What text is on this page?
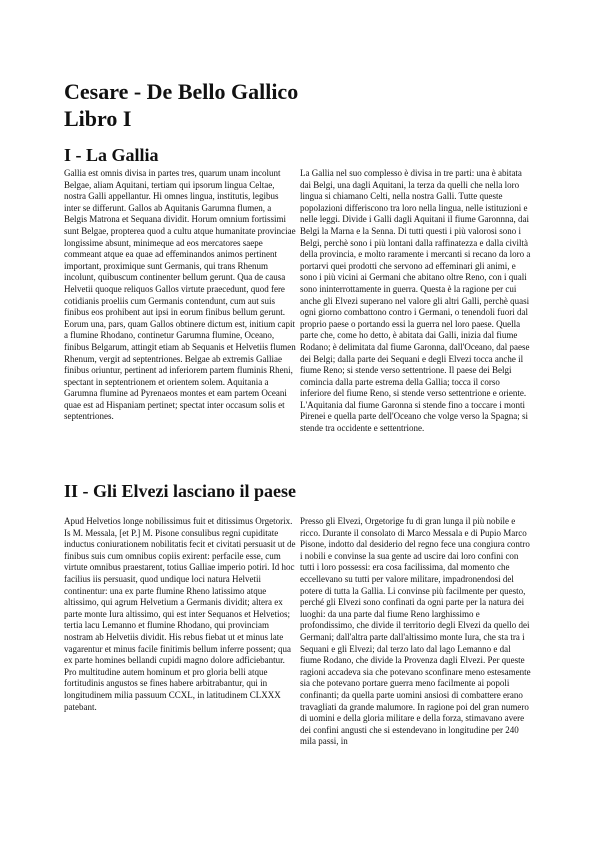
Cesare - De Bello Gallico
Libro I
I - La Gallia

Gallia est omnis divisa in partes tres, quarum unam incolunt Belgae, aliam Aquitani, tertiam qui ipsorum lingua Celtae, nostra Galli appellantur. Hi omnes lingua, institutis, legibus inter se differunt. Gallos ab Aquitanis Garumna flumen, a Belgis Matrona et Sequana dividit. Horum omnium fortissimi sunt Belgae, propterea quod a cultu atque humanitate provinciae longissime absunt, minimeque ad eos mercatores saepe commeant atque ea quae ad effeminandos animos pertinent important, proximique sunt Germanis, qui trans Rhenum incolunt, quibuscum continenter bellum gerunt. Qua de causa Helvetii quoque reliquos Gallos virtute praecedunt, quod fere cotidianis proeliis cum Germanis contendunt, cum aut suis finibus eos prohibent aut ipsi in eorum finibus bellum gerunt. Eorum una, pars, quam Gallos obtinere dictum est, initium capit a flumine Rhodano, continetur Garumna flumine, Oceano, finibus Belgarum, attingit etiam ab Sequanis et Helvetiis flumen Rhenum, vergit ad septentriones. Belgae ab extremis Galliae finibus oriuntur, pertinent ad inferiorem partem fluminis Rheni, spectant in septentrionem et orientem solem. Aquitania a Garumna flumine ad Pyrenaeos montes et eam partem Oceani quae est ad Hispaniam pertinet; spectat inter occasum solis et septentriones.

La Gallia nel suo complesso è divisa in tre parti: una è abitata dai Belgi, una dagli Aquitani, la terza da quelli che nella loro lingua si chiamano Celti, nella nostra Galli. Tutte queste popolazioni differiscono tra loro nella lingua, nelle istituzioni e nelle leggi. Divide i Galli dagli Aquitani il fiume Garonnna, dai Belgi la Marna e la Senna. Di tutti questi i più valorosi sono i Belgi, perchè sono i più lontani dalla raffinatezza e dalla civiltà della provincia, e molto raramente i mercanti si recano da loro a portarvi quei prodotti che servono ad effeminari gli animi, e sono i più vicini ai Germani che abitano oltre Reno, con i quali sono ininterrottamente in guerra. Questa è la ragione per cui anche gli Elvezi superano nel valore gli altri Galli, perchè quasi ogni giorno combattono contro i Germani, o tenendoli fuori dal proprio paese o portando essi la guerra nel loro paese. Quella parte che, come ho detto, è abitata dai Galli, inizia dal fiume Rodano; è delimitata dal fiume Garonna, dall'Oceano, dal paese dei Belgi; dalla parte dei Sequani e degli Elvezi tocca anche il fiume Reno; si stende verso settentrione. Il paese dei Belgi comincia dalla parte estrema della Gallia; tocca il corso inferiore del fiume Reno, si stende verso settentrione e oriente. L'Aquitania dal fiume Garonna si stende fino a toccare i monti Pirenei e quella parte dell'Oceano che volge verso la Spagna; si stende tra occidente e settentrione.

II - Gli Elvezi lasciano il paese

Apud Helvetios longe nobilissimus fuit et ditissimus Orgetorix. Is M. Messala, [et P.] M. Pisone consulibus regni cupiditate inductus coniurationem nobilitatis fecit et civitati persuasit ut de finibus suis cum omnibus copiis exirent: perfacile esse, cum virtute omnibus praestarent, totius Galliae imperio potiri. Id hoc facilius iis persuasit, quod undique loci natura Helvetii continentur: una ex parte flumine Rheno latissimo atque altissimo, qui agrum Helvetium a Germanis dividit; altera ex parte monte Iura altissimo, qui est inter Sequanos et Helvetios; tertia lacu Lemanno et flumine Rhodano, qui provinciam nostram ab Helvetiis dividit. His rebus fiebat ut et minus late vagarentur et minus facile finitimis bellum inferre possent; qua ex parte homines bellandi cupidi magno dolore adficiebantur. Pro multitudine autem hominum et pro gloria belli atque fortitudinis angustos se fines habere arbitrabantur, qui in longitudinem milia passuum CCXL, in latitudinem CLXXX patebant.

Presso gli Elvezi, Orgetorige fu di gran lunga il più nobile e ricco. Durante il consolato di Marco Messala e di Pupio Marco Pisone, indotto dal desiderio del regno fece una congiura contro i nobili e convinse la sua gente ad uscire dai loro confini con tutti i loro possessi: era cosa facilissima, dal momento che eccellevano su tutti per valore militare, impadronendosi del potere di tutta la Gallia. Li convinse più facilmente per questo, perché gli Elvezi sono confinati da ogni parte per la natura dei luoghi: da una parte dal fiume Reno larghissimo e profondissimo, che divide il territorio degli Elvezi da quello dei Germani; dall'altra parte dall'altissimo monte Iura, che sta tra i Sequani e gli Elvezi; dal terzo lato dal lago Lemanno e dal fiume Rodano, che divide la Provenza dagli Elvezi. Per queste ragioni accadeva sia che potevano sconfinare meno estesamente sia che potevano portare guerra meno facilmente ai popoli confinanti; da quella parte uomini ansiosi di combattere erano travagliati da grande malumore. In ragione poi del gran numero di uomini e della gloria militare e della forza, stimavano avere dei confini angusti che si estendevano in longitudine per 240 mila passi, in
